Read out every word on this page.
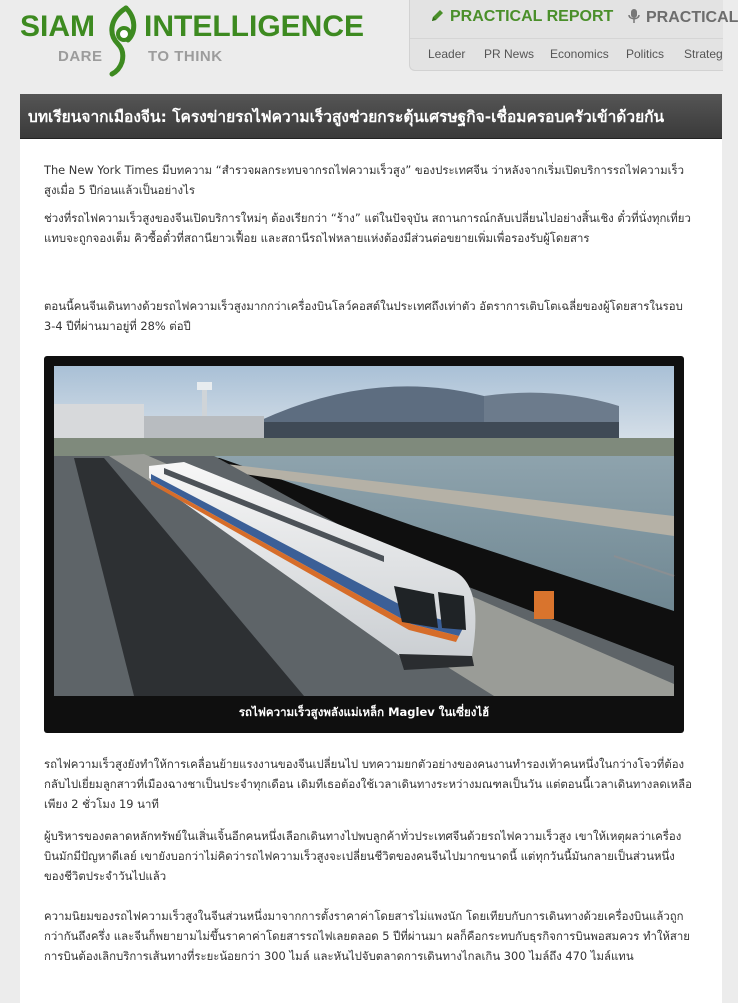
SIAM INTELLIGENCE
DARE	TO THINK
PRACTICAL REPORT	PRACTICAL
Leader PR News Economics Politics Strateg
บทเรียนจากเมืองจีน: โครงข่ายรถไฟความเร็วสูงช่วยกระตุ้นเศรษฐกิจ-เชื่อมครอบครัวเข้าด้วยกัน

The New York Times มีบทความ “สำรวจผลกระทบจากรถไฟความเร็วสูง” ของประเทศจีน ว่าหลังจากเริ่มเปิดบริการรถไฟความเร็วสูงเมื่อ 5 ปีก่อนแล้วเป็นอย่างไร

ช่วงที่รถไฟความเร็วสูงของจีนเปิดบริการใหม่ๆ ต้องเรียกว่า “ร้าง” แต่ในปัจจุบัน สถานการณ์กลับเปลี่ยนไปอย่างสิ้นเชิง ตั๋วที่นั่งทุกเที่ยวแทบจะถูกจองเต็ม คิวซื้อตั๋วที่สถานียาวเฟื้อย และสถานีรถไฟหลายแห่งต้องมีส่วนต่อขยายเพิ่มเพื่อรองรับผู้โดยสาร

ตอนนี้คนจีนเดินทางด้วยรถไฟความเร็วสูงมากกว่าเครื่องบินโลว์คอสต์ในประเทศถึงเท่าตัว อัตราการเติบโตเฉลี่ยของผู้โดยสารในรอบ 3-4 ปีที่ผ่านมาอยู่ที่ 28% ต่อปี

รถไฟความเร็วสูงพลังแม่เหล็ก Maglev ในเซี่ยงไฮ้

รถไฟความเร็วสูงยังทำให้การเคลื่อนย้ายแรงงานของจีนเปลี่ยนไป บทความยกตัวอย่างของคนงานทำรองเท้าคนหนึ่งในกว่างโจวที่ต้องกลับไปเยี่ยมลูกสาวที่เมืองฉางชาเป็นประจำทุกเดือน เดิมทีเธอต้องใช้เวลาเดินทางระหว่างมณฑลเป็นวัน แต่ตอนนี้เวลาเดินทางลดเหลือเพียง 2 ชั่วโมง 19 นาที

ผู้บริหารของตลาดหลักทรัพย์ในเสิ่นเจิ้นอีกคนหนึ่งเลือกเดินทางไปพบลูกค้าทั่วประเทศจีนด้วยรถไฟความเร็วสูง เขาให้เหตุผลว่าเครื่องบินมักมีปัญหาดีเลย์ เขายังบอกว่าไม่คิดว่ารถไฟความเร็วสูงจะเปลี่ยนชีวิตของคนจีนไปมากขนาดนี้ แต่ทุกวันนี้มันกลายเป็นส่วนหนึ่งของชีวิตประจำวันไปแล้ว

ความนิยมของรถไฟความเร็วสูงในจีนส่วนหนึ่งมาจากการตั้งราคาค่าโดยสารไม่แพงนัก โดยเทียบกับการเดินทางด้วยเครื่องบินแล้วถูกกว่ากันถึงครึ่ง และจีนก็พยายามไม่ขึ้นราคาค่าโดยสารรถไฟเลยตลอด 5 ปีที่ผ่านมา ผลก็คือกระทบกับธุรกิจการบินพอสมควร ทำให้สายการบินต้องเลิกบริการเส้นทางที่ระยะน้อยกว่า 300 ไมล์ และหันไปจับตลาดการเดินทางไกลเกิน 300 ไมล์ถึง 470 ไมล์แทน
